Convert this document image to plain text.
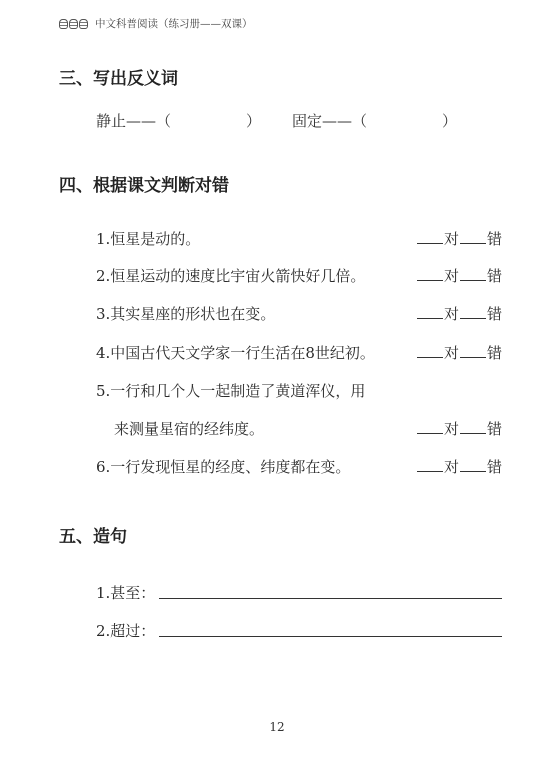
中文科普阅读（练习册——双课）
三、写出反义词
静止——（　　　　　） 固定——（　　　　　）
四、根据课文判断对错
1.恒星是动的。	对 错
2.恒星运动的速度比宇宙火箭快好几倍。	对 错
3.其实星座的形状也在变。	对 错
4.中国古代天文学家一行生活在8世纪初。	对 错
5.一行和几个人一起制造了黄道浑仪，用
来测量星宿的经纬度。	对 错
6.一行发现恒星的经度、纬度都在变。	对 错
五、造句
1.甚至：
2.超过：
12
